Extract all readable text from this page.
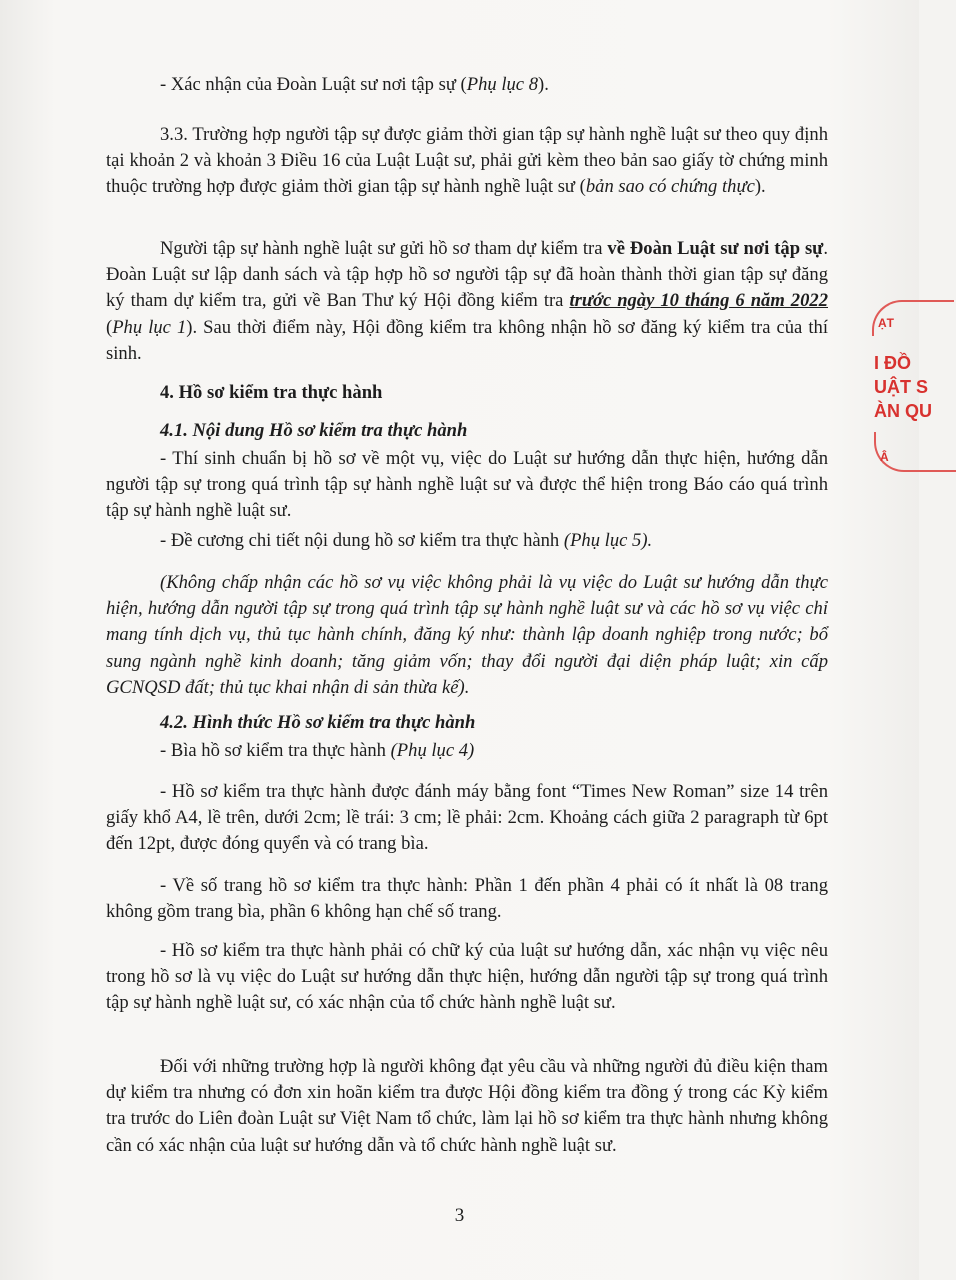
- Xác nhận của Đoàn Luật sư nơi tập sự (Phụ lục 8).

3.3. Trường hợp người tập sự được giảm thời gian tập sự hành nghề luật sư theo quy định tại khoản 2 và khoản 3 Điều 16 của Luật Luật sư, phải gửi kèm theo bản sao giấy tờ chứng minh thuộc trường hợp được giảm thời gian tập sự hành nghề luật sư (bản sao có chứng thực).

Người tập sự hành nghề luật sư gửi hồ sơ tham dự kiểm tra về Đoàn Luật sư nơi tập sự. Đoàn Luật sư lập danh sách và tập hợp hồ sơ người tập sự đã hoàn thành thời gian tập sự đăng ký tham dự kiểm tra, gửi về Ban Thư ký Hội đồng kiểm tra trước ngày 10 tháng 6 năm 2022 (Phụ lục 1). Sau thời điểm này, Hội đồng kiểm tra không nhận hồ sơ đăng ký kiểm tra của thí sinh.

4. Hồ sơ kiểm tra thực hành

4.1. Nội dung Hồ sơ kiểm tra thực hành

- Thí sinh chuẩn bị hồ sơ về một vụ, việc do Luật sư hướng dẫn thực hiện, hướng dẫn người tập sự trong quá trình tập sự hành nghề luật sư và được thể hiện trong Báo cáo quá trình tập sự hành nghề luật sư.

- Đề cương chi tiết nội dung hồ sơ kiểm tra thực hành (Phụ lục 5).

(Không chấp nhận các hồ sơ vụ việc không phải là vụ việc do Luật sư hướng dẫn thực hiện, hướng dẫn người tập sự trong quá trình tập sự hành nghề luật sư và các hồ sơ vụ việc chỉ mang tính dịch vụ, thủ tục hành chính, đăng ký như: thành lập doanh nghiệp trong nước; bổ sung ngành nghề kinh doanh; tăng giảm vốn; thay đổi người đại diện pháp luật; xin cấp GCNQSD đất; thủ tục khai nhận di sản thừa kế).

4.2. Hình thức Hồ sơ kiểm tra thực hành

- Bìa hồ sơ kiểm tra thực hành (Phụ lục 4)

- Hồ sơ kiểm tra thực hành được đánh máy bằng font “Times New Roman” size 14 trên giấy khổ A4, lề trên, dưới 2cm; lề trái: 3 cm; lề phải: 2cm. Khoảng cách giữa 2 paragraph từ 6pt đến 12pt, được đóng quyển và có trang bìa.

- Về số trang hồ sơ kiểm tra thực hành: Phần 1 đến phần 4 phải có ít nhất là 08 trang không gồm trang bìa, phần 6 không hạn chế số trang.

- Hồ sơ kiểm tra thực hành phải có chữ ký của luật sư hướng dẫn, xác nhận vụ việc nêu trong hồ sơ là vụ việc do Luật sư hướng dẫn thực hiện, hướng dẫn người tập sự trong quá trình tập sự hành nghề luật sư, có xác nhận của tổ chức hành nghề luật sư.

Đối với những trường hợp là người không đạt yêu cầu và những người đủ điều kiện tham dự kiểm tra nhưng có đơn xin hoãn kiểm tra được Hội đồng kiểm tra đồng ý trong các Kỳ kiểm tra trước do Liên đoàn Luật sư Việt Nam tổ chức, làm lại hồ sơ kiểm tra thực hành nhưng không cần có xác nhận của luật sư hướng dẫn và tổ chức hành nghề luật sư.

3
ẠT
I ĐỒ
UẬT S
ÀN QU
Â
